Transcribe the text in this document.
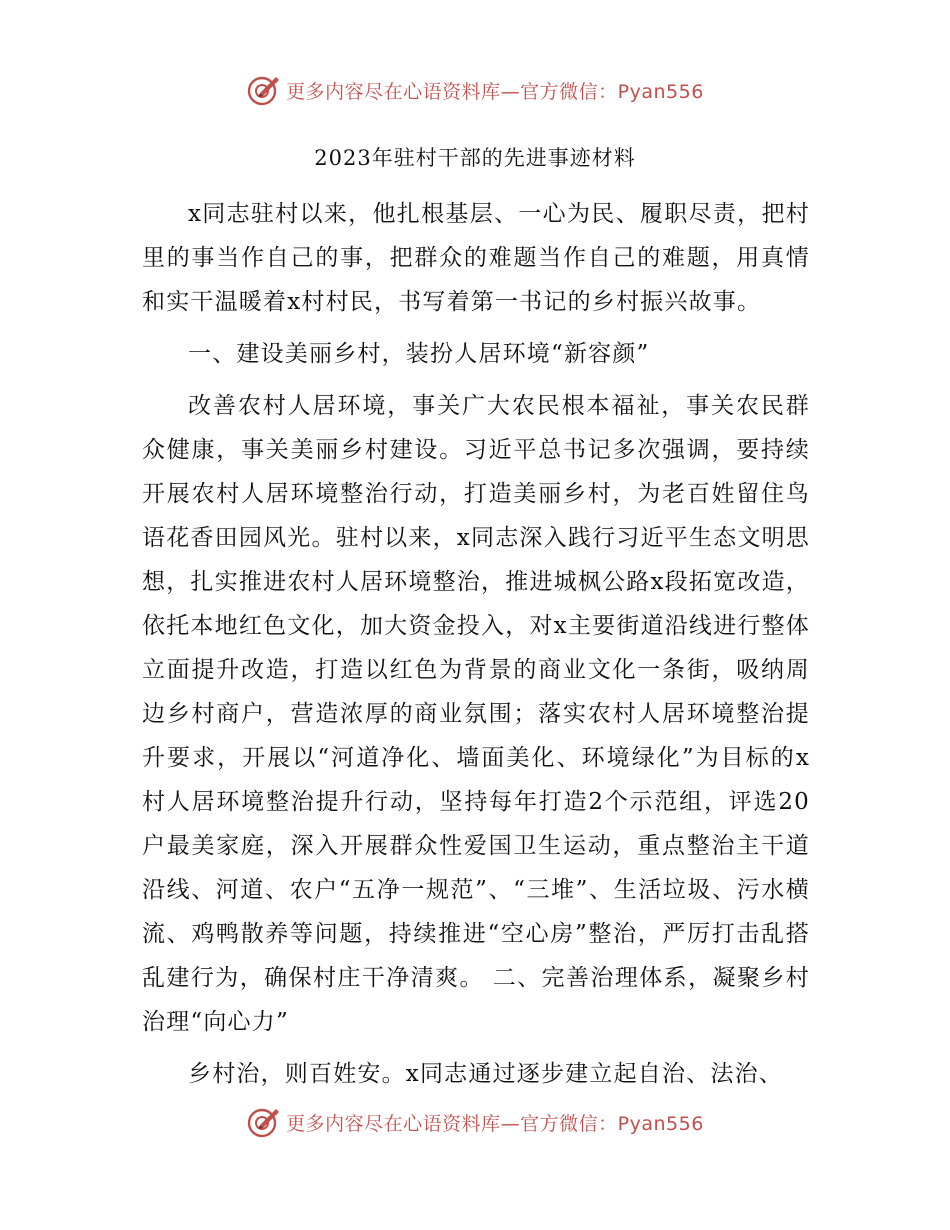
更多内容尽在心语资料库—官方微信：Pyan556
2023年驻村干部的先进事迹材料

x同志驻村以来，他扎根基层、一心为民、履职尽责，把村里的事当作自己的事，把群众的难题当作自己的难题，用真情和实干温暖着x村村民，书写着第一书记的乡村振兴故事。

一、建设美丽乡村，装扮人居环境“新容颜”

改善农村人居环境，事关广大农民根本福祉，事关农民群众健康，事关美丽乡村建设。习近平总书记多次强调，要持续开展农村人居环境整治行动，打造美丽乡村，为老百姓留住鸟语花香田园风光。驻村以来，x同志深入践行习近平生态文明思想，扎实推进农村人居环境整治，推进城枫公路x段拓宽改造，依托本地红色文化，加大资金投入，对x主要街道沿线进行整体立面提升改造，打造以红色为背景的商业文化一条街，吸纳周边乡村商户，营造浓厚的商业氛围；落实农村人居环境整治提升要求，开展以“河道净化、墙面美化、环境绿化”为目标的x村人居环境整治提升行动，坚持每年打造2个示范组，评选20户最美家庭，深入开展群众性爱国卫生运动，重点整治主干道沿线、河道、农户“五净一规范”、“三堆”、生活垃圾、污水横流、鸡鸭散养等问题，持续推进“空心房”整治，严厉打击乱搭乱建行为，确保村庄干净清爽。 二、完善治理体系，凝聚乡村治理“向心力”

乡村治，则百姓安。x同志通过逐步建立起自治、法治、

更多内容尽在心语资料库—官方微信：Pyan556
